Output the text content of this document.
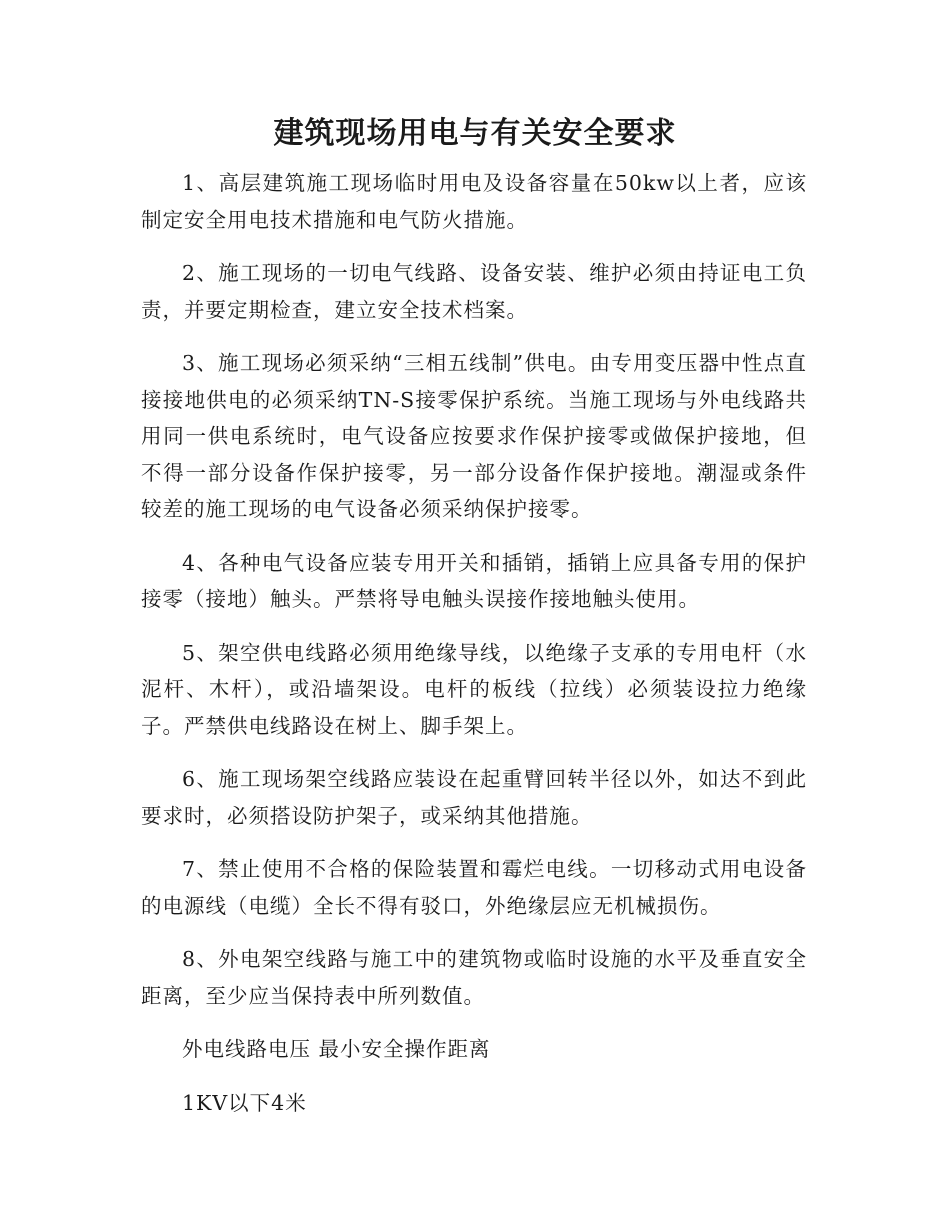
建筑现场用电与有关安全要求

1、高层建筑施工现场临时用电及设备容量在50kw以上者，应该制定安全用电技术措施和电气防火措施。

2、施工现场的一切电气线路、设备安装、维护必须由持证电工负责，并要定期检查，建立安全技术档案。

3、施工现场必须采纳“三相五线制”供电。由专用变压器中性点直接接地供电的必须采纳TN-S接零保护系统。当施工现场与外电线路共用同一供电系统时，电气设备应按要求作保护接零或做保护接地，但不得一部分设备作保护接零，另一部分设备作保护接地。潮湿或条件较差的施工现场的电气设备必须采纳保护接零。

4、各种电气设备应装专用开关和插销，插销上应具备专用的保护接零（接地）触头。严禁将导电触头误接作接地触头使用。

5、架空供电线路必须用绝缘导线，以绝缘子支承的专用电杆（水泥杆、木杆），或沿墙架设。电杆的板线（拉线）必须装设拉力绝缘子。严禁供电线路设在树上、脚手架上。

6、施工现场架空线路应装设在起重臂回转半径以外，如达不到此要求时，必须搭设防护架子，或采纳其他措施。

7、禁止使用不合格的保险装置和霉烂电线。一切移动式用电设备的电源线（电缆）全长不得有驳口，外绝缘层应无机械损伤。

8、外电架空线路与施工中的建筑物或临时设施的水平及垂直安全距离，至少应当保持表中所列数值。

外电线路电压 最小安全操作距离

1KV以下4米
